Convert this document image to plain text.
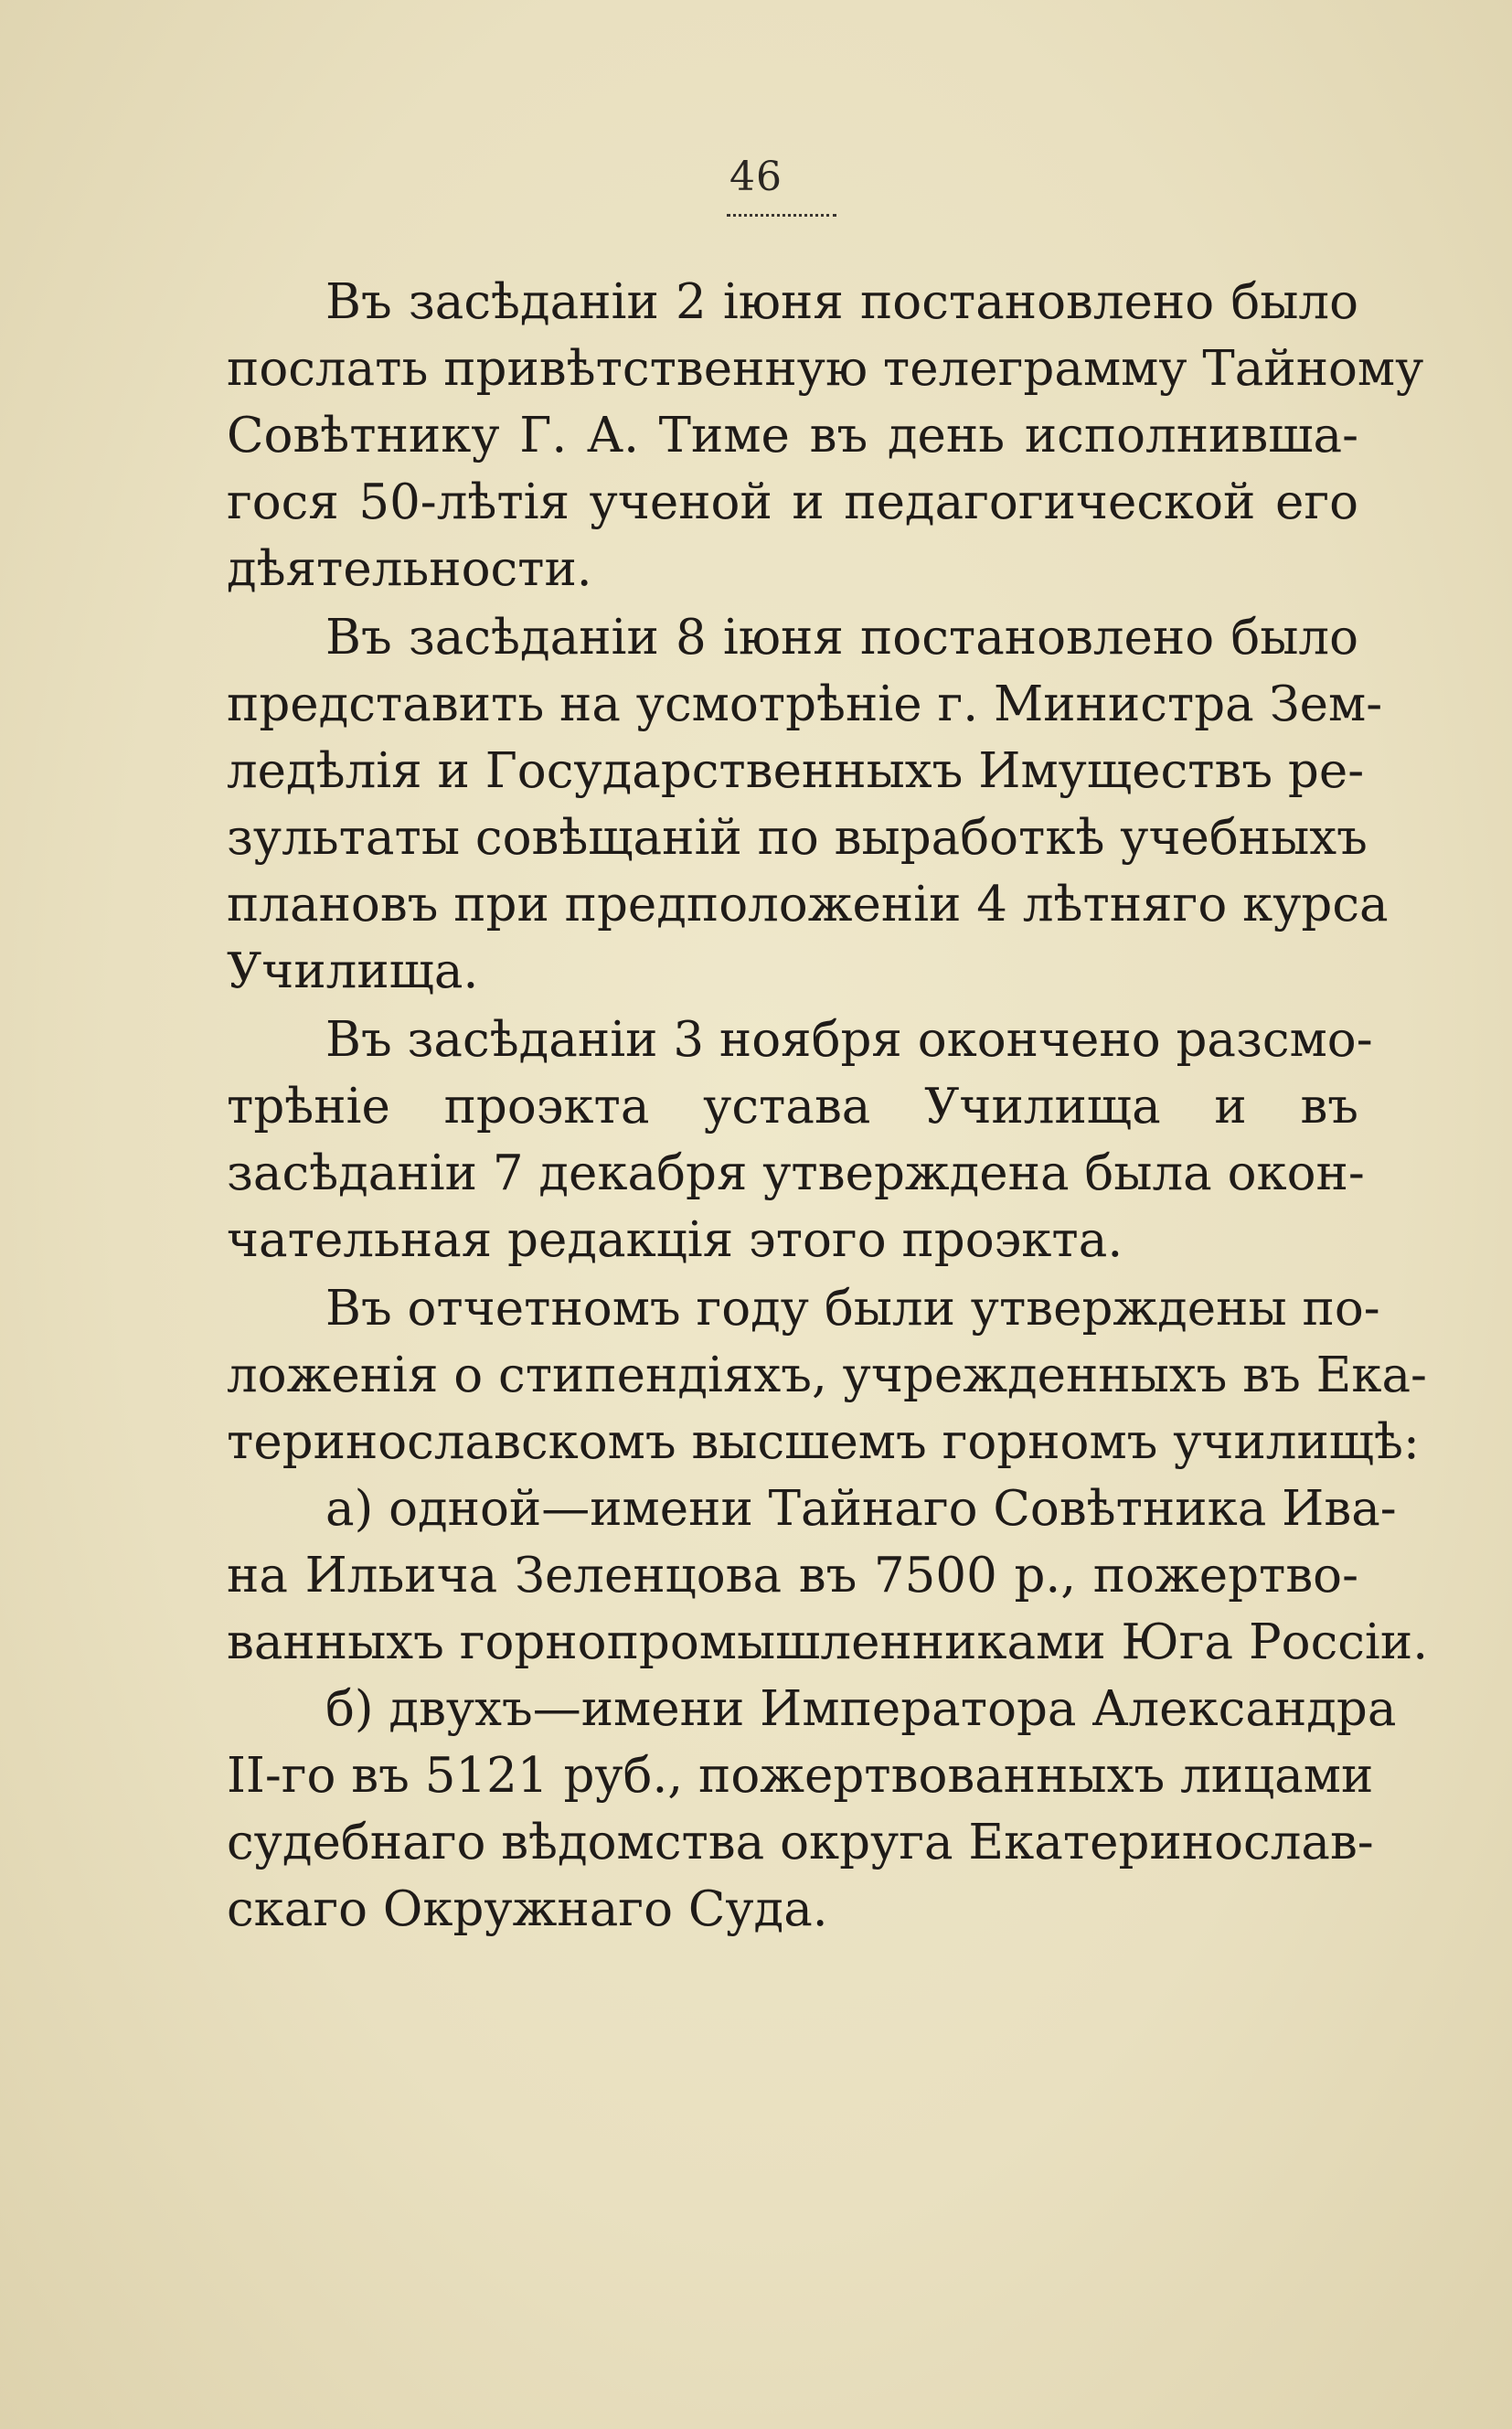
46
Въ засѣданіи 2 іюня постановлено было
послать привѣтственную телеграмму Тайному
Совѣтнику Г. А. Тиме въ день исполнивша-
гося 50-лѣтія ученой и педагогической его
дѣятельности.
Въ засѣданіи 8 іюня постановлено было
представить на усмотрѣніе г. Министра Зем-
ледѣлія и Государственныхъ Имуществъ ре-
зультаты совѣщаній по выработкѣ учебныхъ
плановъ при предположеніи 4 лѣтняго курса
Училища.
Въ засѣданіи 3 ноября окончено разсмо-
трѣніе проэкта устава Училища и въ
засѣданіи 7 декабря утверждена была окон-
чательная редакція этого проэкта.
Въ отчетномъ году были утверждены по-
ложенія о стипендіяхъ, учрежденныхъ въ Ека-
теринославскомъ высшемъ горномъ училищѣ:
а) одной—имени Тайнаго Совѣтника Ива-
на Ильича Зеленцова въ 7500 р., пожертво-
ванныхъ горнопромышленниками Юга Россіи.
б) двухъ—имени Императора Александра
II-го въ 5121 руб., пожертвованныхъ лицами
судебнаго вѣдомства округа Екатеринослав-
скаго Окружнаго Суда.
